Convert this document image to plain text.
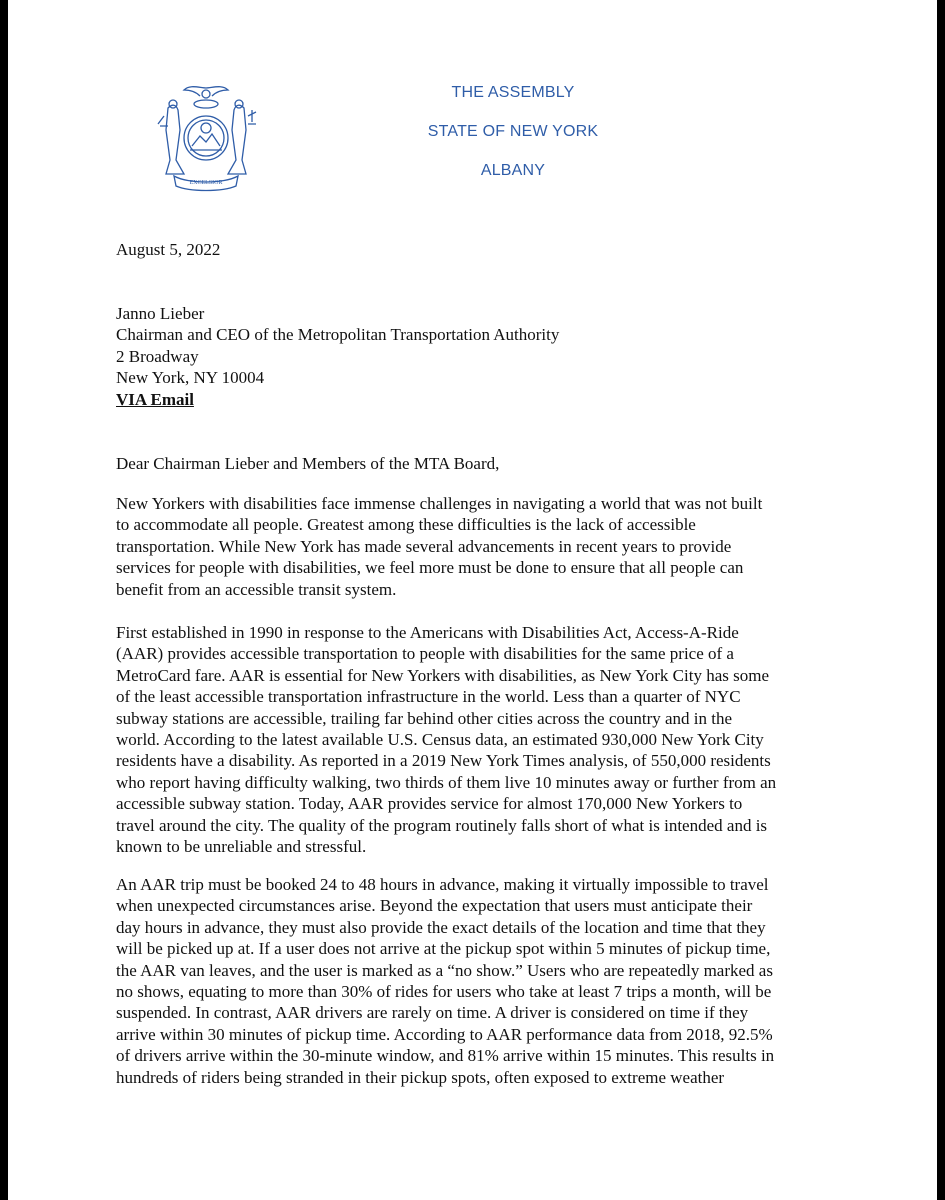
EXCELSIOR
THE ASSEMBLY
STATE OF NEW YORK
ALBANY
August 5, 2022
Janno Lieber
Chairman and CEO of the Metropolitan Transportation Authority
2 Broadway
New York, NY 10004
VIA Email
Dear Chairman Lieber and Members of the MTA Board,
New Yorkers with disabilities face immense challenges in navigating a world that was not built
to accommodate all people. Greatest among these difficulties is the lack of accessible
transportation. While New York has made several advancements in recent years to provide
services for people with disabilities, we feel more must be done to ensure that all people can
benefit from an accessible transit system.
First established in 1990 in response to the Americans with Disabilities Act, Access-A-Ride
(AAR) provides accessible transportation to people with disabilities for the same price of a
MetroCard fare. AAR is essential for New Yorkers with disabilities, as New York City has some
of the least accessible transportation infrastructure in the world. Less than a quarter of NYC
subway stations are accessible, trailing far behind other cities across the country and in the
world. According to the latest available U.S. Census data, an estimated 930,000 New York City
residents have a disability. As reported in a 2019 New York Times analysis, of 550,000 residents
who report having difficulty walking, two thirds of them live 10 minutes away or further from an
accessible subway station. Today, AAR provides service for almost 170,000 New Yorkers to
travel around the city. The quality of the program routinely falls short of what is intended and is
known to be unreliable and stressful.
An AAR trip must be booked 24 to 48 hours in advance, making it virtually impossible to travel
when unexpected circumstances arise. Beyond the expectation that users must anticipate their
day hours in advance, they must also provide the exact details of the location and time that they
will be picked up at. If a user does not arrive at the pickup spot within 5 minutes of pickup time,
the AAR van leaves, and the user is marked as a “no show.” Users who are repeatedly marked as
no shows, equating to more than 30% of rides for users who take at least 7 trips a month, will be
suspended. In contrast, AAR drivers are rarely on time. A driver is considered on time if they
arrive within 30 minutes of pickup time. According to AAR performance data from 2018, 92.5%
of drivers arrive within the 30-minute window, and 81% arrive within 15 minutes. This results in
hundreds of riders being stranded in their pickup spots, often exposed to extreme weather
